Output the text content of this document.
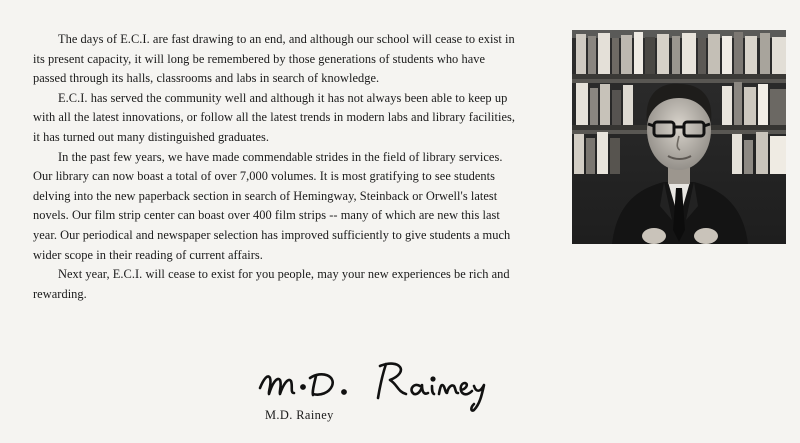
The days of E.C.I. are fast drawing to an end, and although our school will cease to exist in its present capacity, it will long be remembered by those generations of students who have passed through its halls, classrooms and labs in search of knowledge.

E.C.I. has served the community well and although it has not always been able to keep up with all the latest innovations, or follow all the latest trends in modern labs and library facilities, it has turned out many distinguished graduates.

In the past few years, we have made commendable strides in the field of library services. Our library can now boast a total of over 7,000 volumes. It is most gratifying to see students delving into the new paperback section in search of Hemingway, Steinback or Orwell's latest novels. Our film strip center can boast over 400 film strips -- many of which are new this last year. Our periodical and newspaper selection has improved sufficiently to give students a much wider scope in their reading of current affairs.

Next year, E.C.I. will cease to exist for you people, may your new experiences be rich and rewarding.

M.D. Rainey
